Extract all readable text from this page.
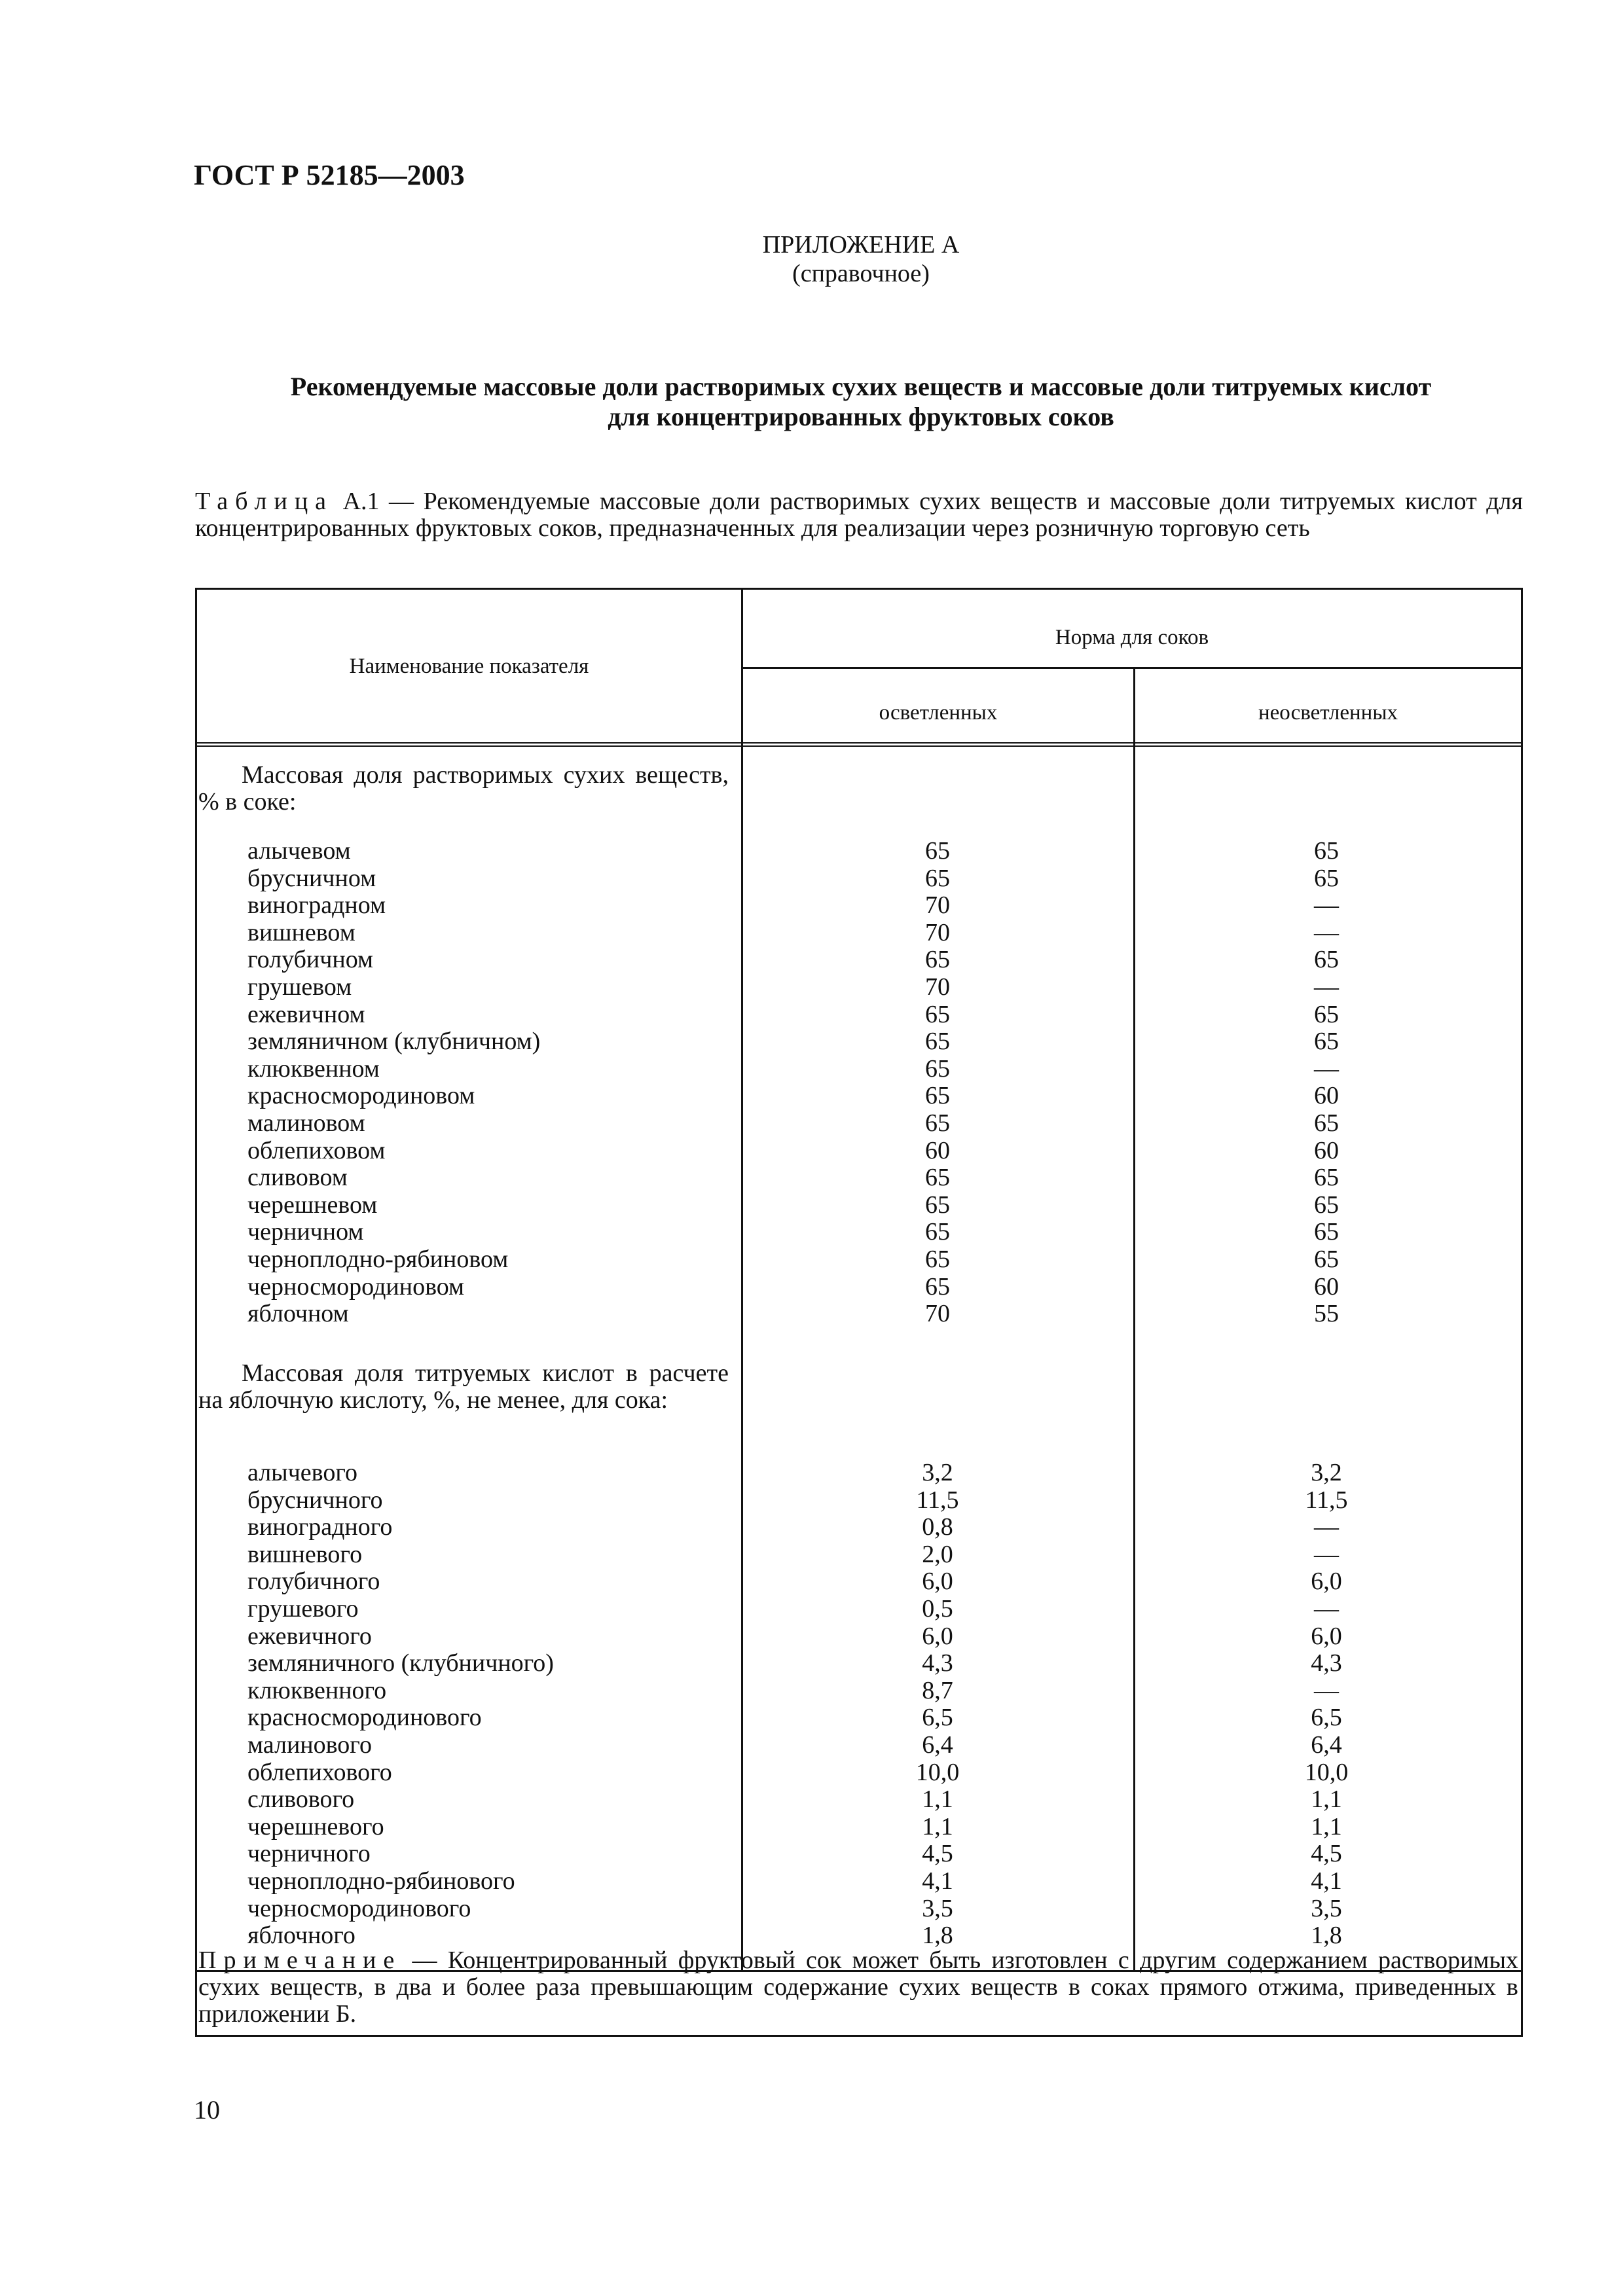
ГОСТ Р 52185—2003
ПРИЛОЖЕНИЕ А
(справочное)
Рекомендуемые массовые доли растворимых сухих веществ и массовые доли титруемых кислот
для концентрированных фруктовых соков
Таблица А.1 — Рекомендуемые массовые доли растворимых сухих веществ и массовые доли титруемых кислот для концентрированных фруктовых соков, предназначенных для реализации через розничную торговую сеть
Наименование показателя
Норма для соков
осветленных	неосветленных
Массовая доля растворимых сухих веществ, % в соке:
алычевом
брусничном
виноградном
вишневом
голубичном
грушевом
ежевичном
земляничном (клубничном)
клюквенном
красносмородиновом
малиновом
облепиховом
сливовом
черешневом
черничном
черноплодно-рябиновом
черносмородиновом
яблочном
65
65
70
70
65
70
65
65
65
65
65
60
65
65
65
65
65
70
65
65
—
—
65
—
65
65
—
60
65
60
65
65
65
65
60
55
Массовая доля титруемых кислот в расчете на яблочную кислоту, %, не менее, для сока:
алычевого
брусничного
виноградного
вишневого
голубичного
грушевого
ежевичного
земляничного (клубничного)
клюквенного
красносмородинового
малинового
облепихового
сливового
черешневого
черничного
черноплодно-рябинового
черносмородинового
яблочного
3,2
11,5
0,8
2,0
6,0
0,5
6,0
4,3
8,7
6,5
6,4
10,0
1,1
1,1
4,5
4,1
3,5
1,8
3,2
11,5
—
—
6,0
—
6,0
4,3
—
6,5
6,4
10,0
1,1
1,1
4,5
4,1
3,5
1,8
Примечание — Концентрированный фруктовый сок может быть изготовлен с другим содержанием растворимых сухих веществ, в два и более раза превышающим содержание сухих веществ в соках прямого отжима, приведенных в приложении Б.
10
